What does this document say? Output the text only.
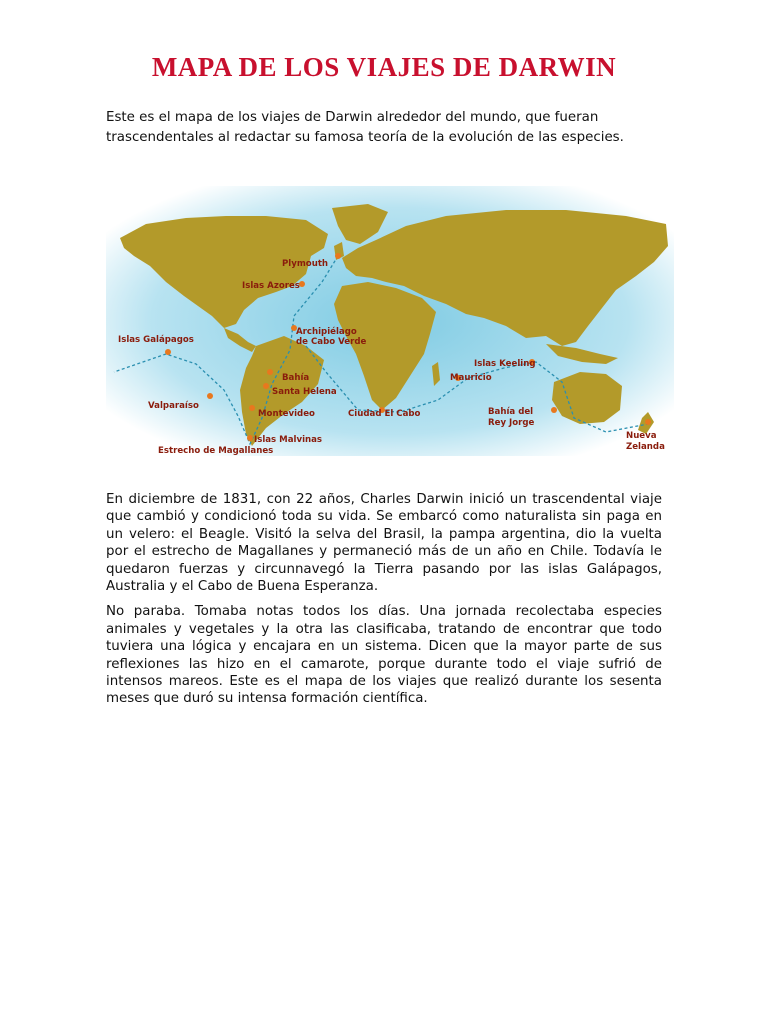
MAPA DE LOS VIAJES DE DARWIN
Este es el mapa de los viajes de Darwin alrededor del mundo, que fueran trascendentales al redactar su famosa teoría de la evolución de las especies.
Plymouth
Islas Azores
Archipiélago
de Cabo Verde
Islas Galápagos
Bahía
Santa Helena
Valparaíso
Montevideo
Islas Malvinas
Estrecho de Magallanes
Ciudad El Cabo
Islas Keeling
Mauricio
Bahía del
Rey Jorge
Nueva
Zelanda

En diciembre de 1831, con 22 años, Charles Darwin inició un trascendental viaje que cambió y condicionó toda su vida. Se embarcó como naturalista sin paga en un velero: el Beagle. Visitó la selva del Brasil, la pampa argentina, dio la vuelta por el estrecho de Magallanes y permaneció más de un año en Chile. Todavía le quedaron fuerzas y circunnavegó la Tierra pasando por las islas Galápagos, Australia y el Cabo de Buena Esperanza.

No paraba. Tomaba notas todos los días. Una jornada recolectaba especies animales y vegetales y la otra las clasificaba, tratando de encontrar que todo tuviera una lógica y encajara en un sistema. Dicen que la mayor parte de sus reflexiones las hizo en el camarote, porque durante todo el viaje sufrió de intensos mareos. Este es el mapa de los viajes que realizó durante los sesenta meses que duró su intensa formación científica.
